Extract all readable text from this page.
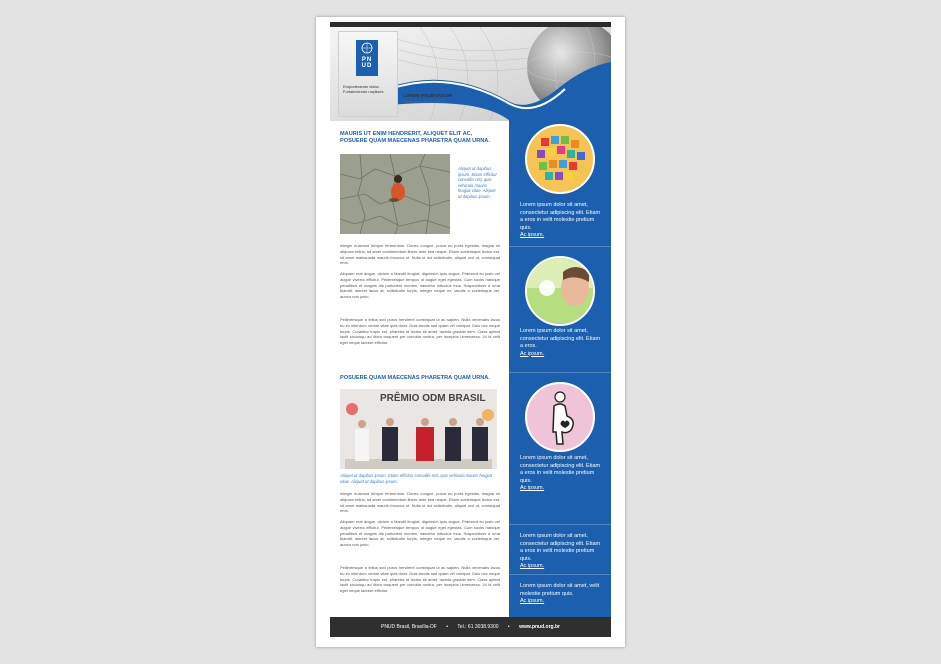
PNUD
Empoderando vidas. Fortaleciendo naçãoes.
LOREM IPSUM DOLOR
Publicado: 01/01/2013
MAURIS UT ENIM HENDRERIT, ALIQUET ELIT AC, POSUERE QUAM MAECENAS PHARETRA QUAM URNA.
Aliquet ut dapibus ipsum. Etiam efficitur convallis nisl, quis vehicula mauris feugiat vitae. Aliquet ut dapibus ipsum.
Integer euismod tempor fermentum. Donec congue, purus eu porta egestas, magna mi aliquam tellus, sit amet condimentum libero ante sed neque. Etiam scelerisque lectus est, sit amet malesuada mauris rhoncus ut. Nulla ut dui sollicitudin, aliquet orci ut, consequat eros.
Aliquam erat augue, dictum a blandit feugiat, dignissim quis augue. Praesent eu justo vel augue viverra efficitur. Pellentesque tempus ut augue eget egestas. Cum sociis natoque penatibus et magnis dis parturient montes, nascetur ridiculus mus. Suspendisse a urna blandit, laoreet lacus at, sollicitudin turpis. Integer neque ex, iaculis a scelerisque vel, auctor non justo.
Pellentesque a tellus sed purus hendrerit consequat ut ac sapien. Nulla venenatis lacus eu ex interdum ornare vitae quis dolor. Duis iaculis sed quam vel volutpat. Duis nec neque turpis. Curabitur turpis est, pharetra id lectus sit amet, lacinia gravida sem. Class aptent taciti sociosqu ad litora torquent per conubia nostra, per inceptos himenaeos. Ut id velit eget neque laoreet efficitur.
POSUERE QUAM MAECENAS PHARETRA QUAM URNA.
PRÊMIO ODM BRASIL
Aliquet ut dapibus ipsum. Etiam efficitur convallis nisl, quis vehicula mauris feugiat vitae. Aliquet ut dapibus ipsum.
Integer euismod tempor fermentum. Donec congue, purus eu porta egestas, magna mi aliquam tellus, sit amet condimentum libero ante sed neque. Etiam scelerisque lectus est, sit amet malesuada mauris rhoncus ut. Nulla ut dui sollicitudin, aliquet orci ut, consequat eros.
Aliquam erat augue, dictum a blandit feugiat, dignissim quis augue. Praesent eu justo vel augue viverra efficitur. Pellentesque tempus ut augue eget egestas. Cum sociis natoque penatibus et magnis dis parturient montes, nascetur ridiculus mus. Suspendisse a urna blandit, laoreet lacus at, sollicitudin turpis. Integer neque ex, iaculis a scelerisque vel, auctor non justo.
Pellentesque a tellus sed purus hendrerit consequat ut ac sapien. Nulla venenatis lacus eu ex interdum ornare vitae quis dolor. Duis iaculis sed quam vel volutpat. Duis nec neque turpis. Curabitur turpis est, pharetra id lectus sit amet, lacinia gravida sem. Class aptent taciti sociosqu ad litora torquent per conubia nostra, per inceptos himenaeos. Ut id velit eget neque laoreet efficitur.
Lorem ipsum dolor sit amet, consectetur adipiscing elit. Etiam a eros in velit molestie pretium quis.
Ac ipsum.
Lorem ipsum dolor sit amet, consectetur adipiscing elit. Etiam a eros.
Ac ipsum.
Lorem ipsum dolor sit amet, consectetur adipiscing elit. Etiam a eros in velit molestie pretium quis.
Ac ipsum.
Lorem ipsum dolor sit amet, consectetur adipiscing elit. Etiam a eros in velit molestie pretium quis.
Ac ipsum.
Lorem ipsum dolor sit amet, velit molestie pretium quis.
Ac ipsum.
PNUD Brasil, Brasília-DF • Tel.: 61 3038.9300 • www.pnud.org.br
